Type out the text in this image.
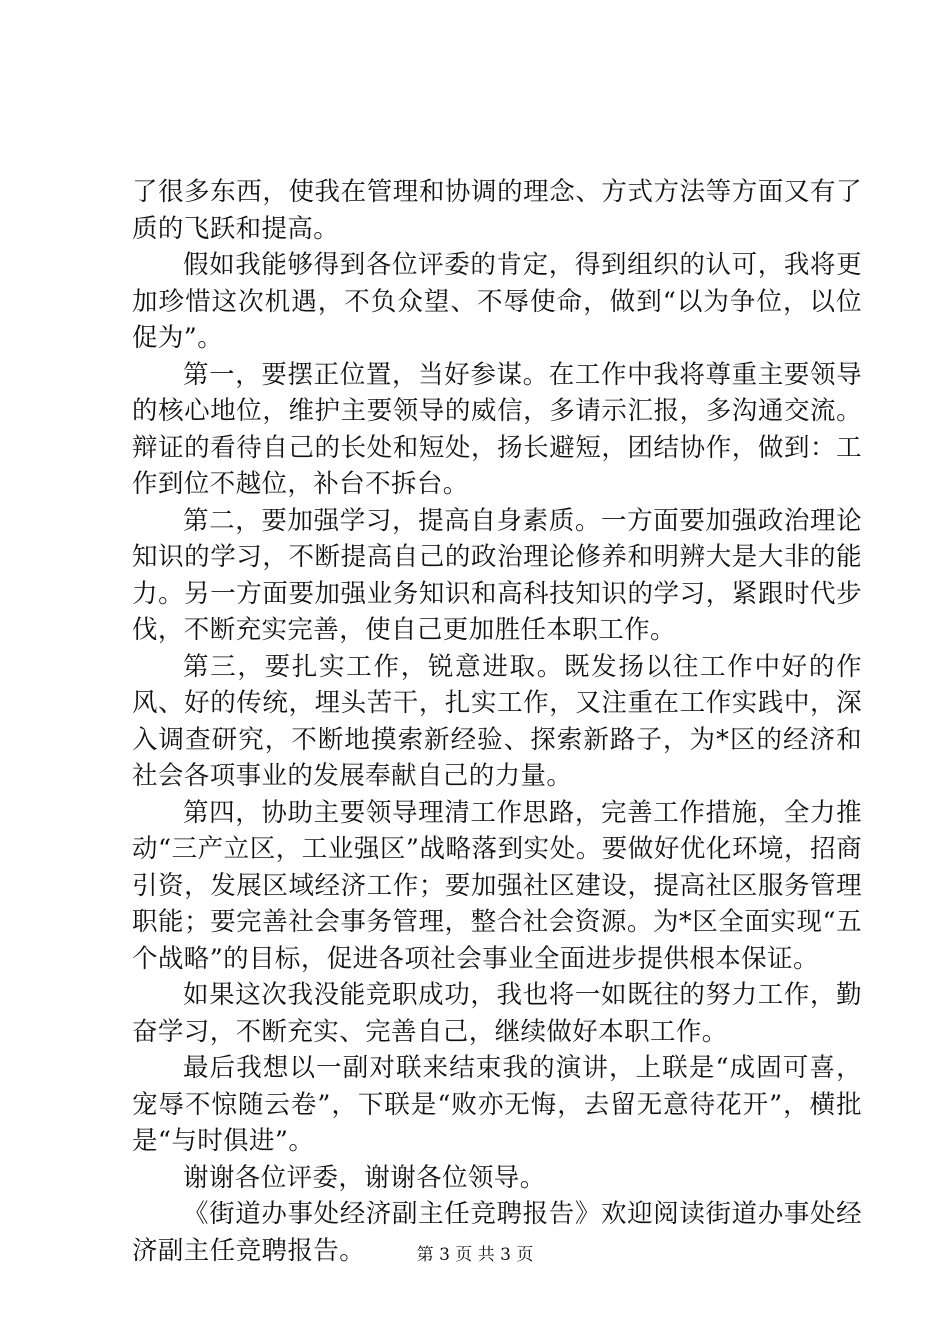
了很多东西，使我在管理和协调的理念、方式方法等方面又有了质的飞跃和提高。

假如我能够得到各位评委的肯定，得到组织的认可，我将更加珍惜这次机遇，不负众望、不辱使命，做到“以为争位，以位促为”。

第一，要摆正位置，当好参谋。在工作中我将尊重主要领导的核心地位，维护主要领导的威信，多请示汇报，多沟通交流。辩证的看待自己的长处和短处，扬长避短，团结协作，做到：工作到位不越位，补台不拆台。

第二，要加强学习，提高自身素质。一方面要加强政治理论知识的学习，不断提高自己的政治理论修养和明辨大是大非的能力。另一方面要加强业务知识和高科技知识的学习，紧跟时代步伐，不断充实完善，使自己更加胜任本职工作。

第三，要扎实工作，锐意进取。既发扬以往工作中好的作风、好的传统，埋头苦干，扎实工作，又注重在工作实践中，深入调查研究，不断地摸索新经验、探索新路子，为*区的经济和社会各项事业的发展奉献自己的力量。

第四，协助主要领导理清工作思路，完善工作措施，全力推动“三产立区，工业强区”战略落到实处。要做好优化环境，招商引资，发展区域经济工作；要加强社区建设，提高社区服务管理职能；要完善社会事务管理，整合社会资源。为*区全面实现“五个战略”的目标，促进各项社会事业全面进步提供根本保证。

如果这次我没能竞职成功，我也将一如既往的努力工作，勤奋学习，不断充实、完善自己，继续做好本职工作。

最后我想以一副对联来结束我的演讲，上联是“成固可喜，宠辱不惊随云卷”，下联是“败亦无悔，去留无意待花开”，横批是“与时俱进”。

谢谢各位评委，谢谢各位领导。

《街道办事处经济副主任竞聘报告》欢迎阅读街道办事处经济副主任竞聘报告。	第 3 页 共 3 页
